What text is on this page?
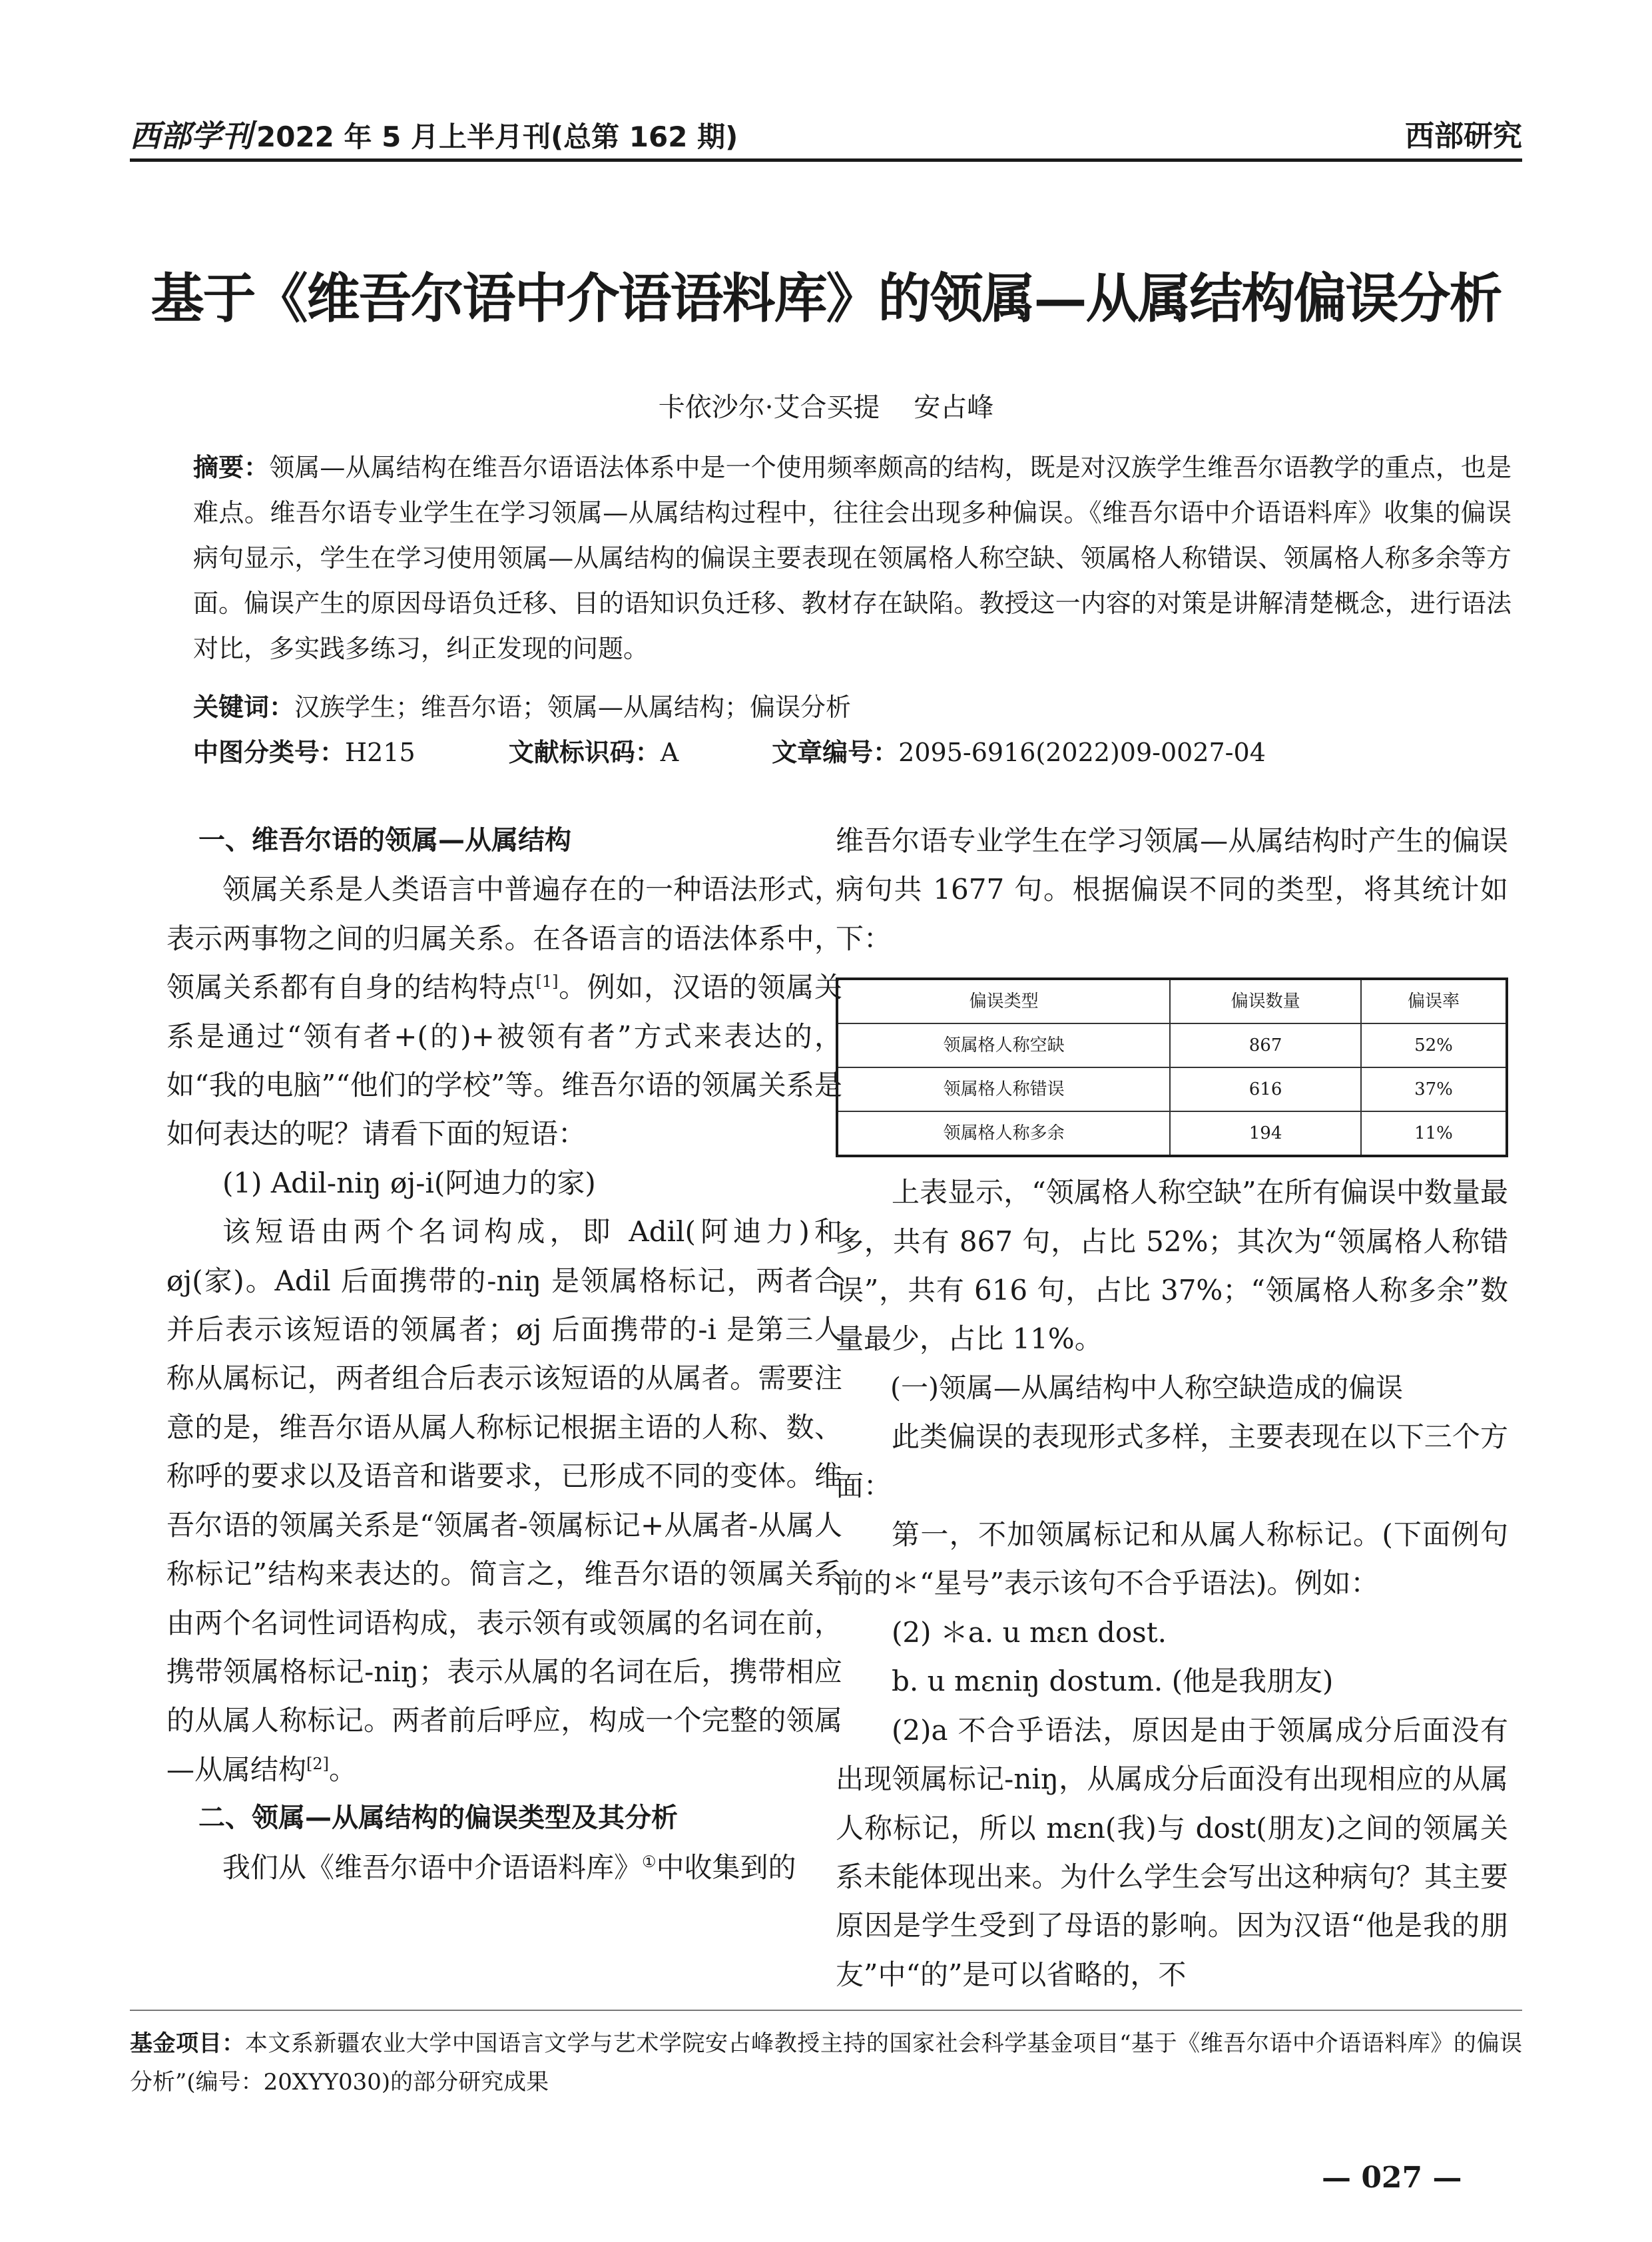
西部学刊 2022 年 5 月上半月刊(总第 162 期)	西部研究
基于《维吾尔语中介语语料库》的领属—从属结构偏误分析
卡依沙尔·艾合买提    安占峰
摘要：领属—从属结构在维吾尔语语法体系中是一个使用频率颇高的结构，既是对汉族学生维吾尔语教学的重点，也是难点。维吾尔语专业学生在学习领属—从属结构过程中，往往会出现多种偏误。《维吾尔语中介语语料库》收集的偏误病句显示，学生在学习使用领属—从属结构的偏误主要表现在领属格人称空缺、领属格人称错误、领属格人称多余等方面。偏误产生的原因母语负迁移、目的语知识负迁移、教材存在缺陷。教授这一内容的对策是讲解清楚概念，进行语法对比，多实践多练习，纠正发现的问题。
关键词：汉族学生；维吾尔语；领属—从属结构；偏误分析
中图分类号：H215	文献标识码：A	文章编号：2095-6916(2022)09-0027-04
一、维吾尔语的领属—从属结构

领属关系是人类语言中普遍存在的一种语法形式，表示两事物之间的归属关系。在各语言的语法体系中，领属关系都有自身的结构特点[1]。例如，汉语的领属关系是通过“领有者+(的)+被领有者”方式来表达的，如“我的电脑”“他们的学校”等。维吾尔语的领属关系是如何表达的呢？请看下面的短语：

(1) Adil-niŋ øj-i(阿迪力的家)

该短语由两个名词构成，即 Adil(阿迪力)和 øj(家)。Adil 后面携带的-niŋ 是领属格标记，两者合并后表示该短语的领属者；øj 后面携带的-i 是第三人称从属标记，两者组合后表示该短语的从属者。需要注意的是，维吾尔语从属人称标记根据主语的人称、数、称呼的要求以及语音和谐要求，已形成不同的变体。维吾尔语的领属关系是“领属者-领属标记+从属者-从属人称标记”结构来表达的。简言之，维吾尔语的领属关系由两个名词性词语构成，表示领有或领属的名词在前，携带领属格标记-niŋ；表示从属的名词在后，携带相应的从属人称标记。两者前后呼应，构成一个完整的领属—从属结构[2]。

二、领属—从属结构的偏误类型及其分析

我们从《维吾尔语中介语语料库》①中收集到的

维吾尔语专业学生在学习领属—从属结构时产生的偏误病句共 1677 句。根据偏误不同的类型，将其统计如下：

偏误类型	偏误数量	偏误率
领属格人称空缺	867	52%
领属格人称错误	616	37%
领属格人称多余	194	11%

上表显示，“领属格人称空缺”在所有偏误中数量最多，共有 867 句，占比 52%；其次为“领属格人称错误”，共有 616 句，占比 37%；“领属格人称多余”数量最少，占比 11%。

(一)领属—从属结构中人称空缺造成的偏误

此类偏误的表现形式多样，主要表现在以下三个方面：

第一，不加领属标记和从属人称标记。(下面例句前的＊“星号”表示该句不合乎语法)。例如：

(2) ＊a. u mɛn dost.

b. u mɛniŋ dostum. (他是我朋友)

(2)a 不合乎语法，原因是由于领属成分后面没有出现领属标记-niŋ，从属成分后面没有出现相应的从属人称标记，所以 mɛn(我)与 dost(朋友)之间的领属关系未能体现出来。为什么学生会写出这种病句？其主要原因是学生受到了母语的影响。因为汉语“他是我的朋友”中“的”是可以省略的，不

基金项目：本文系新疆农业大学中国语言文学与艺术学院安占峰教授主持的国家社会科学基金项目“基于《维吾尔语中介语语料库》的偏误分析”(编号：20XYY030)的部分研究成果
— 027 —
